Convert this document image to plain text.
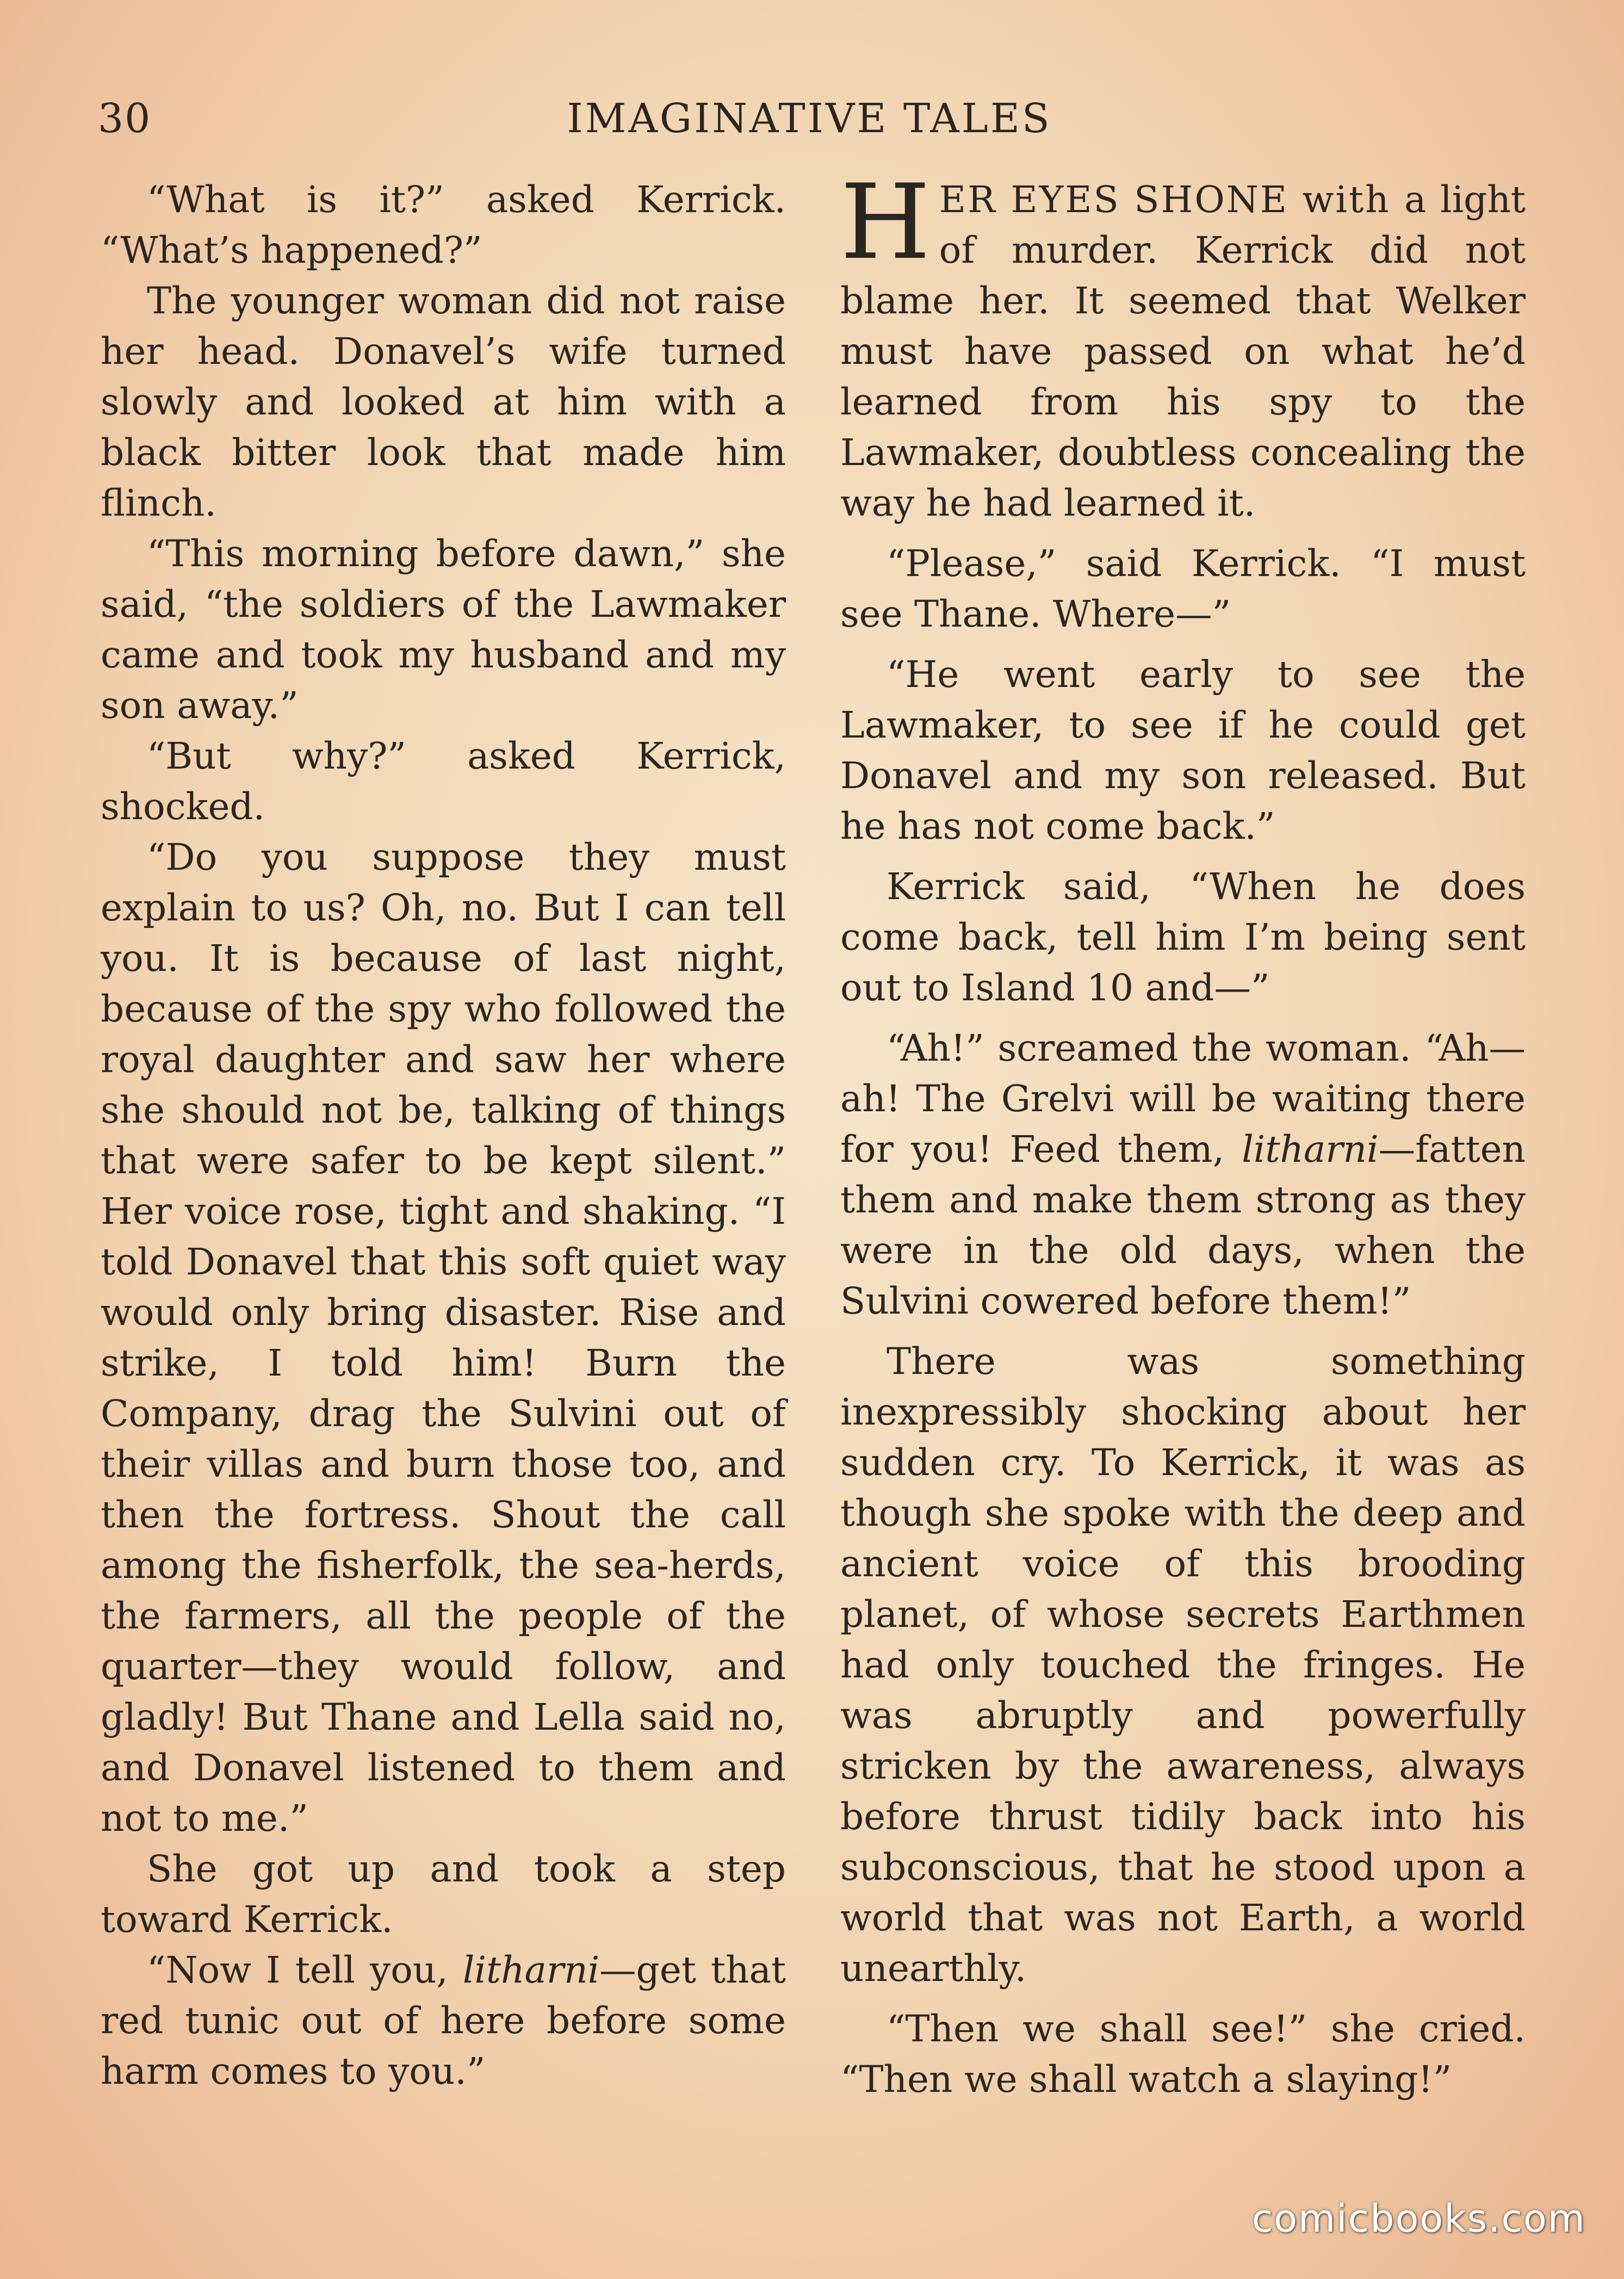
30	IMAGINATIVE TALES

“What is it?” asked Kerrick. “What’s happened?”

The younger woman did not raise her head. Donavel’s wife turned slowly and looked at him with a black bitter look that made him flinch.

“This morning before dawn,” she said, “the soldiers of the Lawmaker came and took my husband and my son away.”

“But why?” asked Kerrick, shocked.

“Do you suppose they must explain to us? Oh, no. But I can tell you. It is because of last night, because of the spy who followed the royal daughter and saw her where she should not be, talking of things that were safer to be kept silent.” Her voice rose, tight and shaking. “I told Donavel that this soft quiet way would only bring disaster. Rise and strike, I told him! Burn the Company, drag the Sulvini out of their villas and burn those too, and then the fortress. Shout the call among the fisherfolk, the sea-herds, the farmers, all the people of the quarter—they would follow, and gladly! But Thane and Lella said no, and Donavel listened to them and not to me.”

She got up and took a step toward Kerrick.

“Now I tell you, litharni—get that red tunic out of here before some harm comes to you.”

HER EYES SHONE with a light of murder. Kerrick did not blame her. It seemed that Welker must have passed on what he’d learned from his spy to the Lawmaker, doubtless concealing the way he had learned it.

“Please,” said Kerrick. “I must see Thane. Where—”

“He went early to see the Lawmaker, to see if he could get Donavel and my son released. But he has not come back.”

Kerrick said, “When he does come back, tell him I’m being sent out to Island 10 and—”

“Ah!” screamed the woman. “Ah—ah! The Grelvi will be waiting there for you! Feed them, litharni—fatten them and make them strong as they were in the old days, when the Sulvini cowered before them!”

There was something inexpressibly shocking about her sudden cry. To Kerrick, it was as though she spoke with the deep and ancient voice of this brooding planet, of whose secrets Earthmen had only touched the fringes. He was abruptly and powerfully stricken by the awareness, always before thrust tidily back into his subconscious, that he stood upon a world that was not Earth, a world unearthly.

“Then we shall see!” she cried. “Then we shall watch a slaying!”

comicbooks.com
